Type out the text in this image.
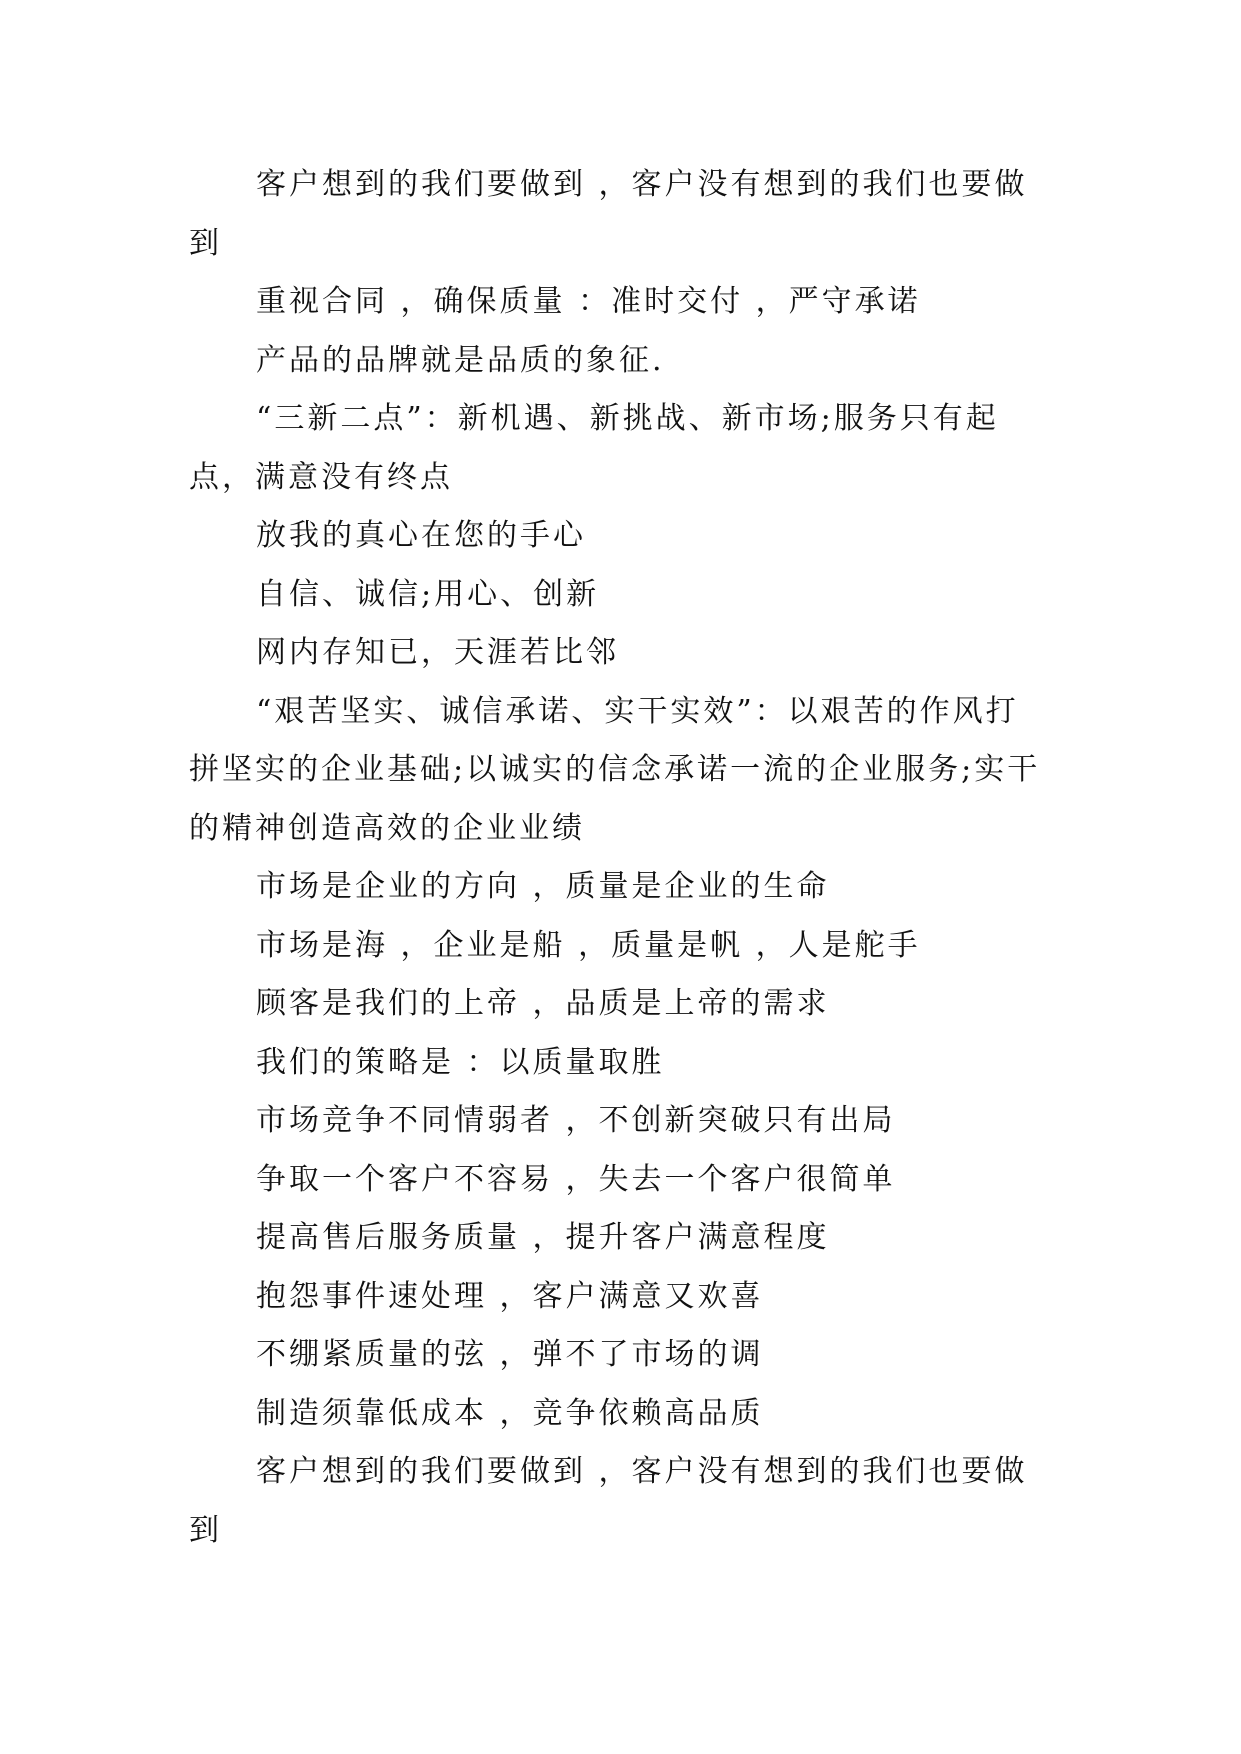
客户想到的我们要做到 ，客户没有想到的我们也要做到

重视合同 ，确保质量 ：准时交付 ，严守承诺

产品的品牌就是品质的象征.

“三新二点”：新机遇、新挑战、新市场;服务只有起点，满意没有终点

放我的真心在您的手心

自信、诚信;用心、创新

网内存知已，天涯若比邻

“艰苦坚实、诚信承诺、实干实效”：以艰苦的作风打拼坚实的企业基础;以诚实的信念承诺一流的企业服务;实干的精神创造高效的企业业绩

市场是企业的方向 ，质量是企业的生命

市场是海 ，企业是船 ，质量是帆 ，人是舵手

顾客是我们的上帝 ，品质是上帝的需求

我们的策略是 ：以质量取胜

市场竞争不同情弱者 ，不创新突破只有出局

争取一个客户不容易 ，失去一个客户很简单

提高售后服务质量 ，提升客户满意程度

抱怨事件速处理 ，客户满意又欢喜

不绷紧质量的弦 ，弹不了市场的调

制造须靠低成本 ，竞争依赖高品质

客户想到的我们要做到 ，客户没有想到的我们也要做到
